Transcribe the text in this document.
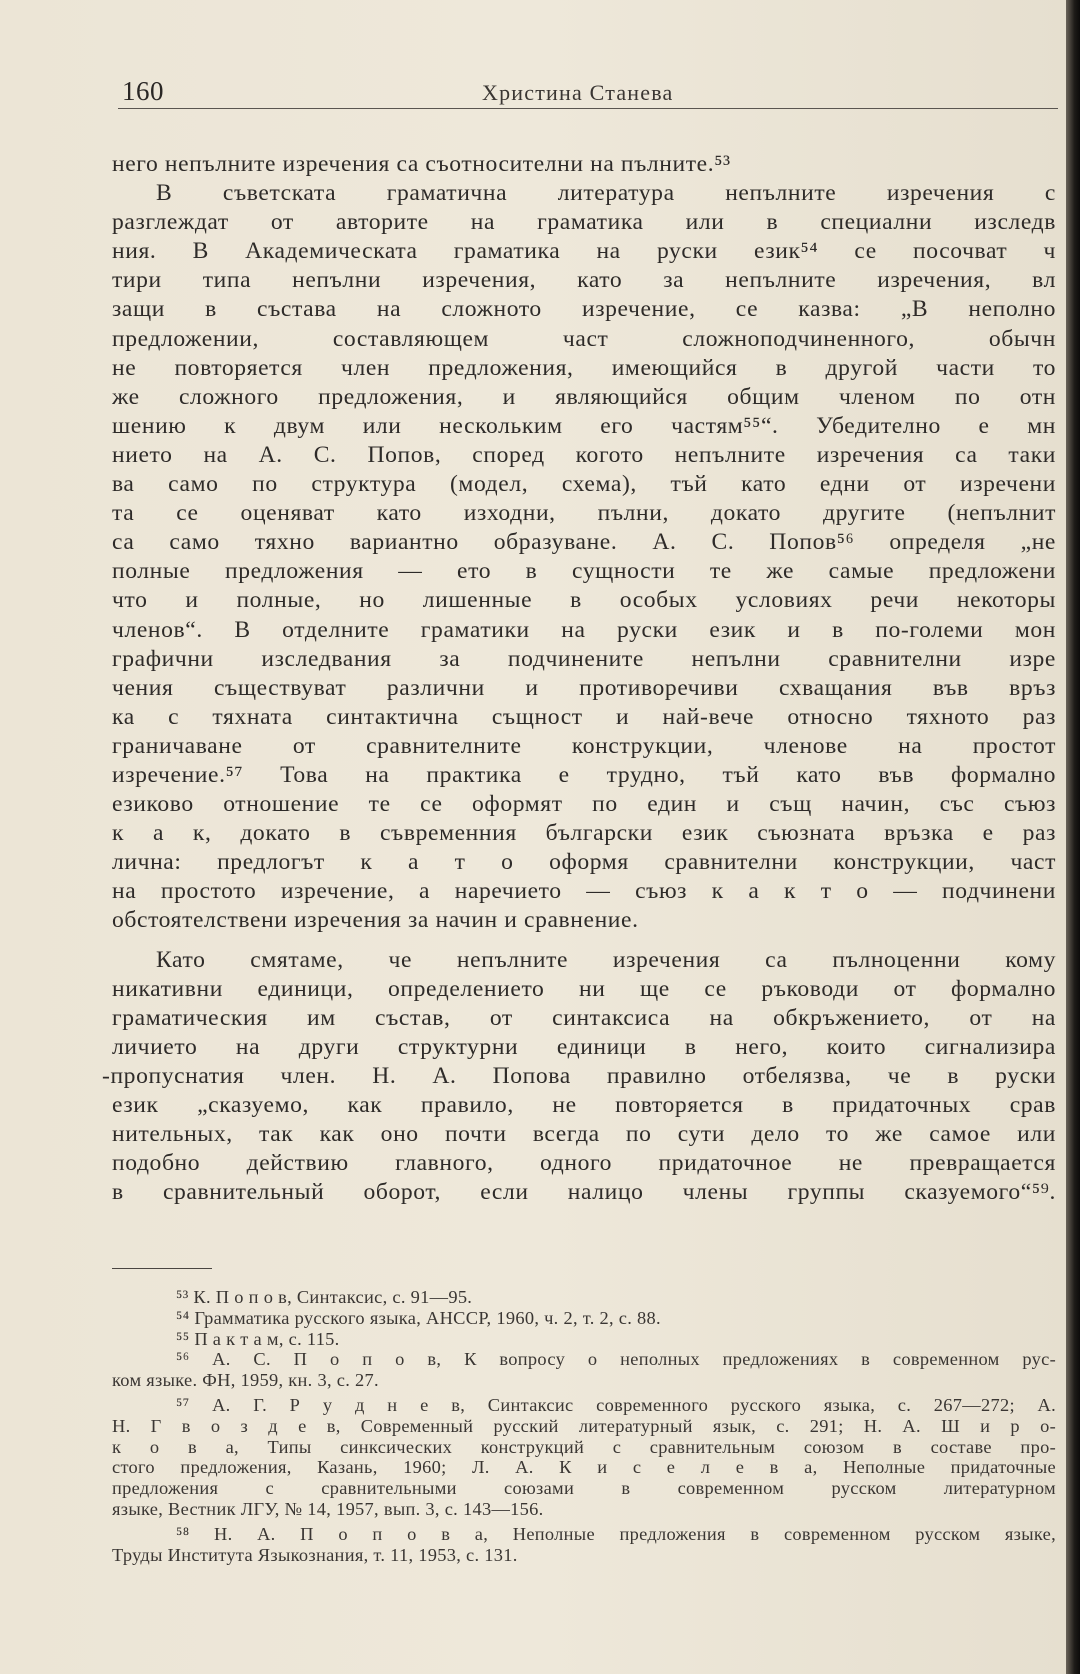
160	Христина Станева
него непълните изречения са съотносителни на пълните.⁵³
В съветската граматична литература непълните изречения с
разглеждат от авторите на граматика или в специални изследв
ния. В Академическата граматика на руски език⁵⁴ се посочват ч
тири типа непълни изречения, като за непълните изречения, вл
защи в състава на сложното изречение, се казва: „В неполно
предложении, составляющем част сложноподчиненного, обычн
не повторяется член предложения, имеющийся в другой части то
же сложного предложения, и являющийся общим членом по отн
шению к двум или нескольким его частям⁵⁵“. Убедително е мн
нието на А. С. Попов, според когото непълните изречения са таки
ва само по структура (модел, схема), тъй като едни от изречени
та се оценяват като изходни, пълни, докато другите (непълнит
са само тяхно вариантно образуване. А. С. Попов⁵⁶ определя „не
полные предложения — ето в сущности те же самые предложени
что и полные, но лишенные в особых условиях речи некоторы
членов“. В отделните граматики на руски език и в по-големи мон
графични изследвания за подчинените непълни сравнителни изре
чения съществуват различни и противоречиви схващания във връз
ка с тяхната синтактична същност и най-вече относно тяхното раз
граничаване от сравнителните конструкции, членове на простот
изречение.⁵⁷ Това на практика е трудно, тъй като във формално
езиково отношение те се оформят по един и същ начин, със съюз
к а к, докато в съвременния български език съюзната връзка е раз
лична: предлогът к а т о оформя сравнителни конструкции, част
на простото изречение, а наречието — съюз к а к т о — подчинени
обстоятелствени изречения за начин и сравнение.
Като смятаме, че непълните изречения са пълноценни кому
никативни единици, определението ни ще се ръководи от формално
граматическия им състав, от синтаксиса на обкръжението, от на
личието на други структурни единици в него, които сигнализира
-пропуснатия член. Н. А. Попова правилно отбелязва, че в руски
език „сказуемо, как правило, не повторяется в придаточных срав
нительных, так как оно почти всегда по сути дело то же самое или
подобно действию главного, одного придаточное не превращается
в сравнительный оборот, если налицо члены группы сказуемого“⁵⁹.
⁵³ К. П о п о в, Синтаксис, с. 91—95.
⁵⁴ Грамматика русского языка, АНССР, 1960, ч. 2, т. 2, с. 88.
⁵⁵ П а к т а м, с. 115.
⁵⁶ А. С. П о п о в, К вопросу о неполных предложениях в современном рус-
ком языке. ФН, 1959, кн. 3, с. 27.
⁵⁷ А. Г. Р у д н е в, Синтаксис современного русского языка, с. 267—272; А.
Н. Г в о з д е в, Современный русский литературный язык, с. 291; Н. А. Ш и р о-
к о в а, Типы синксических конструкций с сравнительным союзом в составе про-
стого предложения, Казань, 1960; Л. А. К и с е л е в а, Неполные придаточные
предложения с сравнительными союзами в современном русском литературном
языке, Вестник ЛГУ, № 14, 1957, вып. 3, с. 143—156.
⁵⁸ Н. А. П о п о в а, Неполные предложения в современном русском языке,
Труды Института Языкознания, т. 11, 1953, с. 131.
